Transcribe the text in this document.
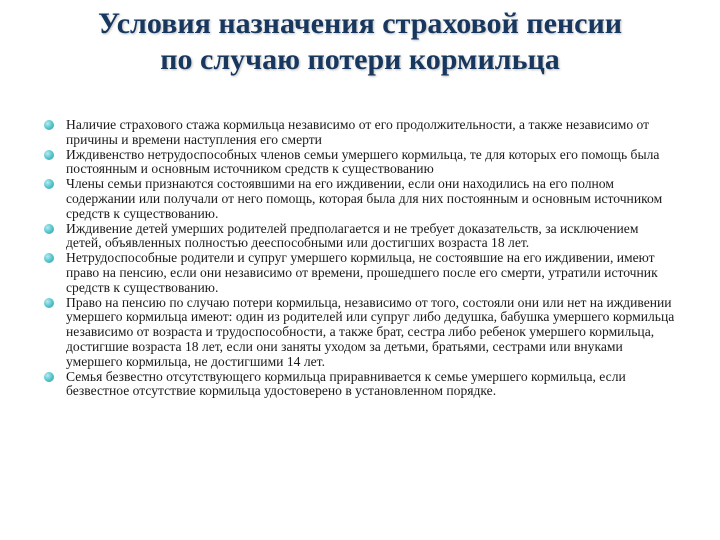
Условия назначения страховой пенсии
по случаю потери кормильца
Наличие страхового стажа кормильца независимо от его продолжительности, а также независимо от причины и времени наступления его смерти
Иждивенство нетрудоспособных членов семьи умершего кормильца, те для которых его помощь была постоянным и основным источником средств к существованию
Члены семьи признаются состоявшими на его иждивении, если они находились на его полном содержании или получали от него помощь, которая была для них постоянным и основным источником средств к существованию.
Иждивение детей умерших родителей предполагается и не требует доказательств, за исключением детей, объявленных полностью дееспособными или достигших возраста 18 лет.
Нетрудоспособные родители и супруг умершего кормильца, не состоявшие на его иждивении, имеют право на пенсию, если они независимо от времени, прошедшего после его смерти, утратили источник средств к существованию.
Право на пенсию по случаю потери кормильца, независимо от того, состояли они или нет на иждивении умершего кормильца имеют: один из родителей или супруг либо дедушка, бабушка умершего кормильца независимо от возраста и трудоспособности, а также брат, сестра либо ребенок умершего кормильца, достигшие возраста 18 лет, если они заняты уходом за детьми, братьями, сестрами или внуками умершего кормильца, не достигшими 14 лет.
Семья безвестно отсутствующего кормильца приравнивается к семье умершего кормильца, если безвестное отсутствие кормильца удостоверено в установленном порядке.
